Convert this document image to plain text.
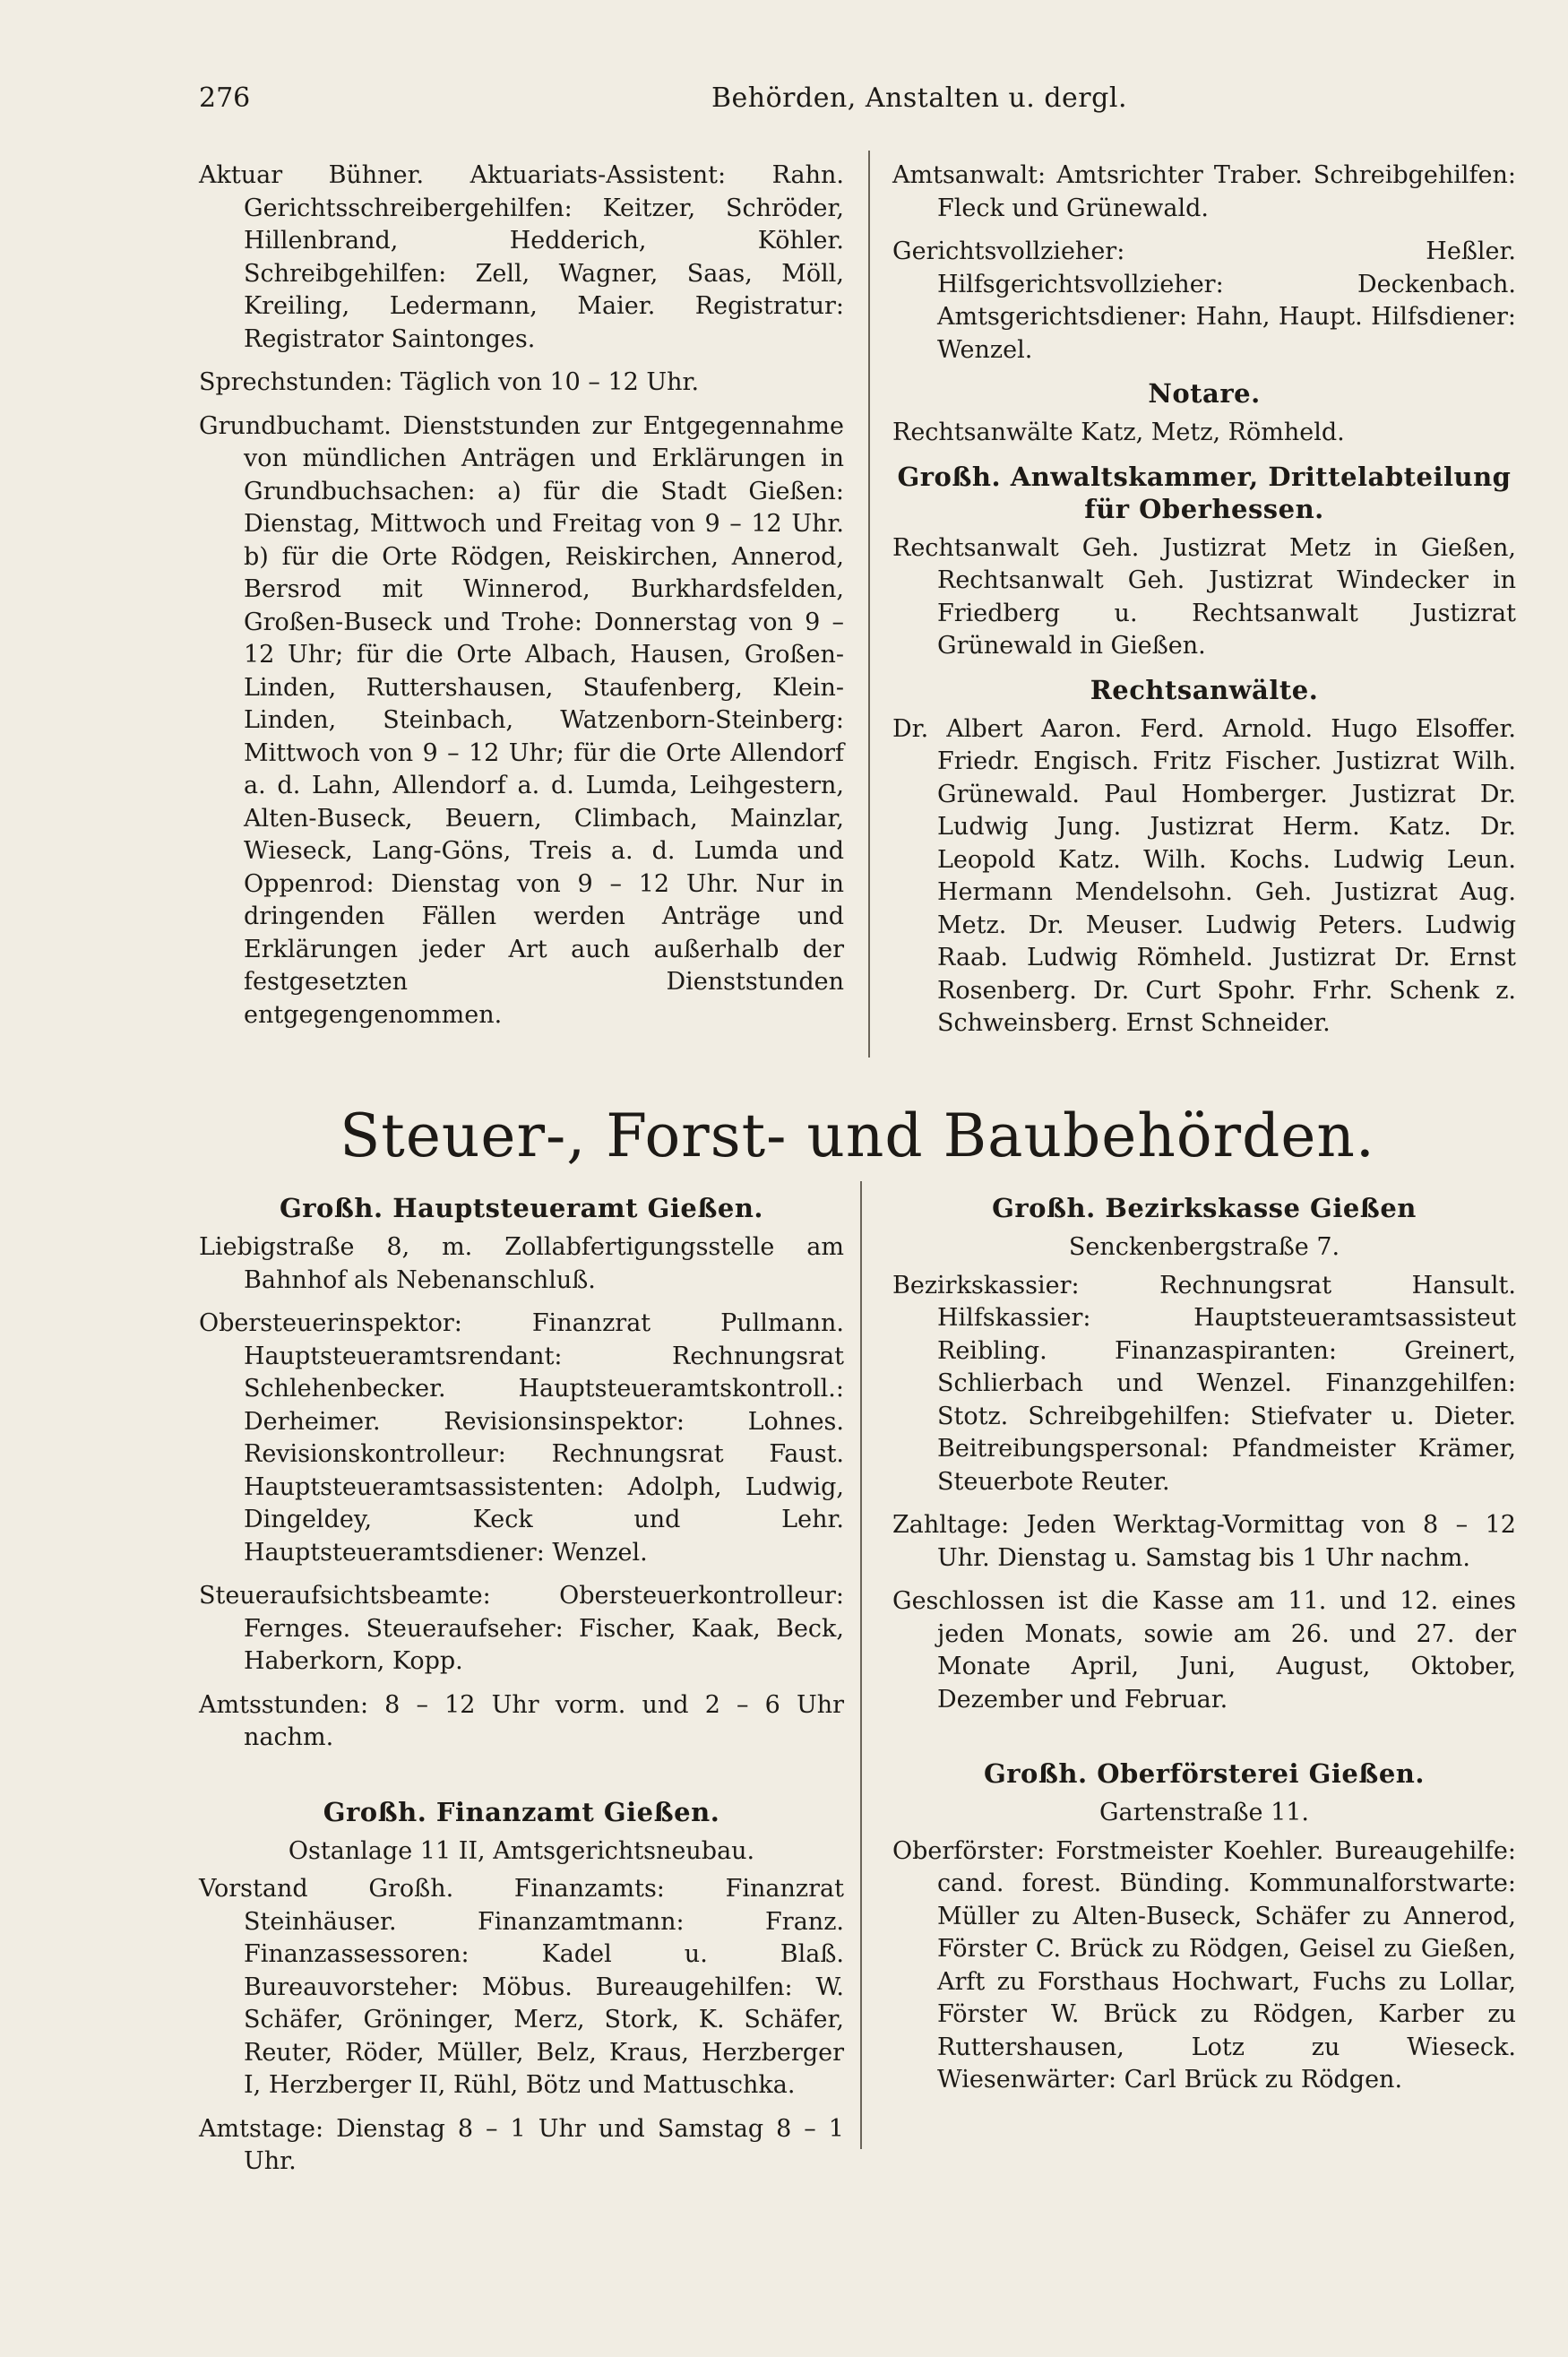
276	Behörden, Anstalten u. dergl.

Aktuar Bühner. Aktuariats-Assistent: Rahn. Gerichtsschreibergehilfen: Keitzer, Schröder, Hillenbrand, Hedderich, Köhler. Schreibgehilfen: Zell, Wagner, Saas, Möll, Kreiling, Ledermann, Maier. Registratur: Registrator Saintonges.

Sprechstunden: Täglich von 10 – 12 Uhr.

Grundbuchamt. Dienststunden zur Entgegennahme von mündlichen Anträgen und Erklärungen in Grundbuchsachen: a) für die Stadt Gießen: Dienstag, Mittwoch und Freitag von 9 – 12 Uhr. b) für die Orte Rödgen, Reiskirchen, Annerod, Bersrod mit Winnerod, Burkhardsfelden, Großen-Buseck und Trohe: Donnerstag von 9 – 12 Uhr; für die Orte Albach, Hausen, Großen-Linden, Ruttershausen, Staufenberg, Klein-Linden, Steinbach, Watzenborn-Steinberg: Mittwoch von 9 – 12 Uhr; für die Orte Allendorf a. d. Lahn, Allendorf a. d. Lumda, Leihgestern, Alten-Buseck, Beuern, Climbach, Mainzlar, Wieseck, Lang-Göns, Treis a. d. Lumda und Oppenrod: Dienstag von 9 – 12 Uhr. Nur in dringenden Fällen werden Anträge und Erklärungen jeder Art auch außerhalb der festgesetzten Dienststunden entgegengenommen.

Amtsanwalt: Amtsrichter Traber. Schreibgehilfen: Fleck und Grünewald.

Gerichtsvollzieher: Heßler. Hilfsgerichtsvollzieher: Deckenbach. Amtsgerichtsdiener: Hahn, Haupt. Hilfsdiener: Wenzel.

Notare.

Rechtsanwälte Katz, Metz, Römheld.

Großh. Anwaltskammer, Drittelabteilung für Oberhessen.

Rechtsanwalt Geh. Justizrat Metz in Gießen, Rechtsanwalt Geh. Justizrat Windecker in Friedberg u. Rechtsanwalt Justizrat Grünewald in Gießen.

Rechtsanwälte.

Dr. Albert Aaron. Ferd. Arnold. Hugo Elsoffer. Friedr. Engisch. Fritz Fischer. Justizrat Wilh. Grünewald. Paul Homberger. Justizrat Dr. Ludwig Jung. Justizrat Herm. Katz. Dr. Leopold Katz. Wilh. Kochs. Ludwig Leun. Hermann Mendelsohn. Geh. Justizrat Aug. Metz. Dr. Meuser. Ludwig Peters. Ludwig Raab. Ludwig Römheld. Justizrat Dr. Ernst Rosenberg. Dr. Curt Spohr. Frhr. Schenk z. Schweinsberg. Ernst Schneider.

Steuer-, Forst- und Baubehörden.
Großh. Hauptsteueramt Gießen.

Liebigstraße 8, m. Zollabfertigungsstelle am Bahnhof als Nebenanschluß.

Obersteuerinspektor: Finanzrat Pullmann. Hauptsteueramtsrendant: Rechnungsrat Schlehenbecker. Hauptsteueramtskontroll.: Derheimer. Revisionsinspektor: Lohnes. Revisionskontrolleur: Rechnungsrat Faust. Hauptsteueramtsassistenten: Adolph, Ludwig, Dingeldey, Keck und Lehr. Hauptsteueramtsdiener: Wenzel.

Steueraufsichtsbeamte: Obersteuerkontrolleur: Fernges. Steueraufseher: Fischer, Kaak, Beck, Haberkorn, Kopp.

Amtsstunden: 8 – 12 Uhr vorm. und 2 – 6 Uhr nachm.

Großh. Finanzamt Gießen.

Ostanlage 11 II, Amtsgerichtsneubau.

Vorstand Großh. Finanzamts: Finanzrat Steinhäuser. Finanzamtmann: Franz. Finanzassessoren: Kadel u. Blaß. Bureauvorsteher: Möbus. Bureaugehilfen: W. Schäfer, Gröninger, Merz, Stork, K. Schäfer, Reuter, Röder, Müller, Belz, Kraus, Herzberger I, Herzberger II, Rühl, Bötz und Mattuschka.

Amtstage: Dienstag 8 – 1 Uhr und Samstag 8 – 1 Uhr.

Großh. Bezirkskasse Gießen

Senckenbergstraße 7.

Bezirkskassier: Rechnungsrat Hansult. Hilfskassier: Hauptsteueramtsassisteut Reibling. Finanzaspiranten: Greinert, Schlierbach und Wenzel. Finanzgehilfen: Stotz. Schreibgehilfen: Stiefvater u. Dieter. Beitreibungspersonal: Pfandmeister Krämer, Steuerbote Reuter.

Zahltage: Jeden Werktag-Vormittag von 8 – 12 Uhr. Dienstag u. Samstag bis 1 Uhr nachm.

Geschlossen ist die Kasse am 11. und 12. eines jeden Monats, sowie am 26. und 27. der Monate April, Juni, August, Oktober, Dezember und Februar.

Großh. Oberförsterei Gießen.

Gartenstraße 11.

Oberförster: Forstmeister Koehler. Bureaugehilfe: cand. forest. Bünding. Kommunalforstwarte: Müller zu Alten-Buseck, Schäfer zu Annerod, Förster C. Brück zu Rödgen, Geisel zu Gießen, Arft zu Forsthaus Hochwart, Fuchs zu Lollar, Förster W. Brück zu Rödgen, Karber zu Ruttershausen, Lotz zu Wieseck. Wiesenwärter: Carl Brück zu Rödgen.
